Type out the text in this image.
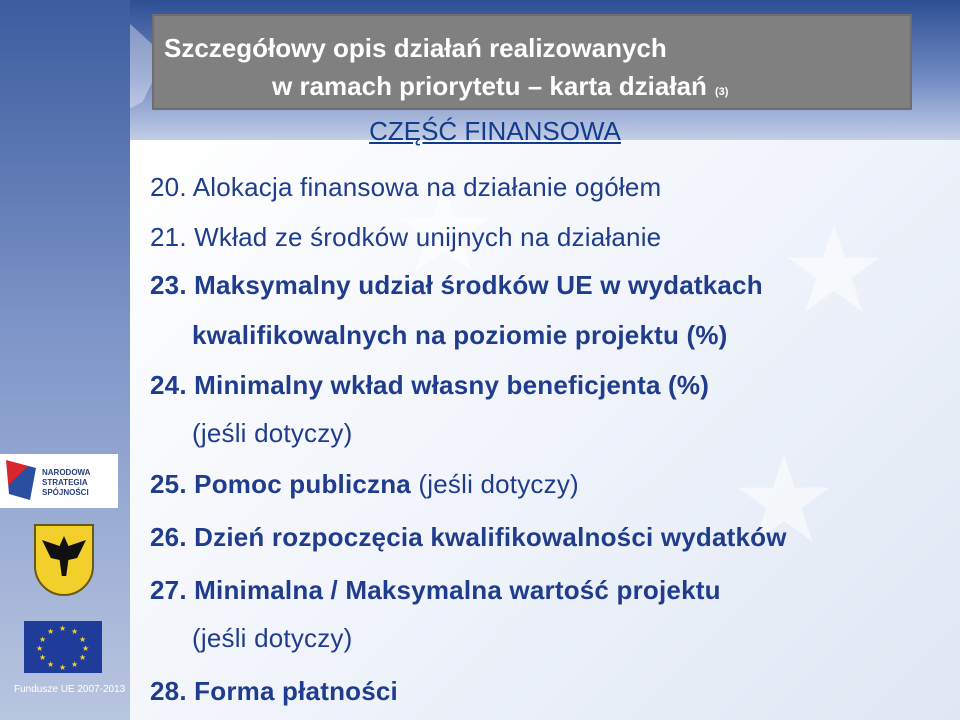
★ ★
★
Szczegółowy opis działań realizowanych
w ramach priorytetu – karta działań (3)
CZĘŚĆ FINANSOWA
20. Alokacja finansowa na działanie ogółem
21. Wkład ze środków unijnych na działanie
23. Maksymalny udział środków UE w wydatkach
kwalifikowalnych na poziomie projektu (%)
24. Minimalny wkład własny beneficjenta (%)
(jeśli dotyczy)
25. Pomoc publiczna (jeśli dotyczy)
26. Dzień rozpoczęcia kwalifikowalności wydatków
27. Minimalna / Maksymalna wartość projektu
(jeśli dotyczy)
28. Forma płatności
NARODOWA
STRATEGIA SPÓJNOŚCI
★ ★
★
★
★
★
★
★
★
★
★
★
Fundusze UE 2007-2013
